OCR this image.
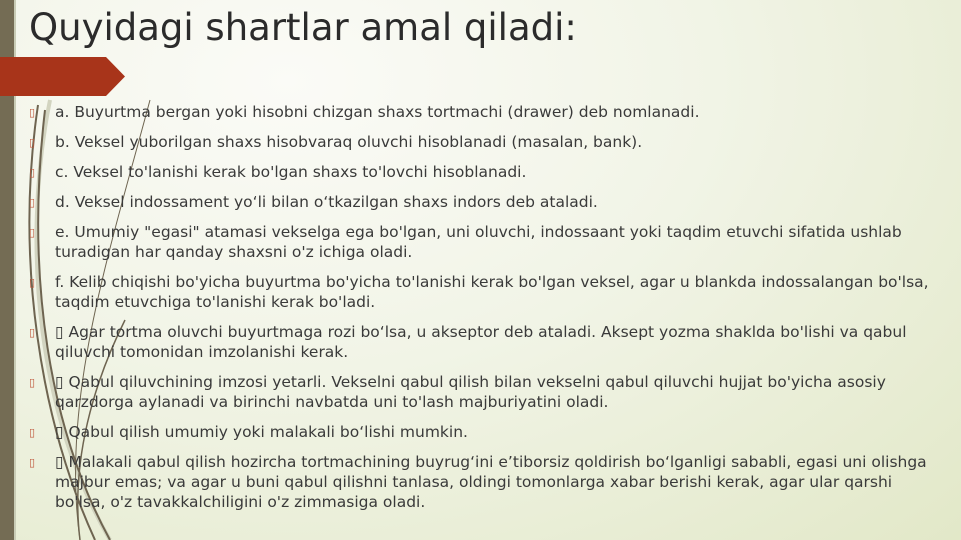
Quyidagi shartlar amal qiladi:
▯ a. Buyurtma bergan yoki hisobni chizgan shaxs tortmachi (drawer) deb nomlanadi.
▯ b. Veksel yuborilgan shaxs hisobvaraq oluvchi hisoblanadi (masalan, bank).
▯ c. Veksel to'lanishi kerak bo'lgan shaxs to'lovchi hisoblanadi.
▯ d. Veksel indossament yo‘li bilan o‘tkazilgan shaxs indors deb ataladi.
▯ e. Umumiy "egasi" atamasi vekselga ega bo'lgan, uni oluvchi, indossaant yoki taqdim etuvchi sifatida ushlab turadigan har qanday shaxsni o'z ichiga oladi.
▯ f. Kelib chiqishi bo'yicha buyurtma bo'yicha to'lanishi kerak bo'lgan veksel, agar u blankda indossalangan bo'lsa, taqdim etuvchiga to'lanishi kerak bo'ladi.
▯ ▯ Agar tortma oluvchi buyurtmaga rozi bo‘lsa, u akseptor deb ataladi. Aksept yozma shaklda bo'lishi va qabul qiluvchi tomonidan imzolanishi kerak.
▯ ▯ Qabul qiluvchining imzosi yetarli. Vekselni qabul qilish bilan vekselni qabul qiluvchi hujjat bo'yicha asosiy qarzdorga aylanadi va birinchi navbatda uni to'lash majburiyatini oladi.
▯ ▯ Qabul qilish umumiy yoki malakali bo‘lishi mumkin.
▯ ▯ Malakali qabul qilish hozircha tortmachining buyrug‘ini e’tiborsiz qoldirish bo‘lganligi sababli, egasi uni olishga majbur emas; va agar u buni qabul qilishni tanlasa, oldingi tomonlarga xabar berishi kerak, agar ular qarshi bo'lsa, o'z tavakkalchiligini o'z zimmasiga oladi.
